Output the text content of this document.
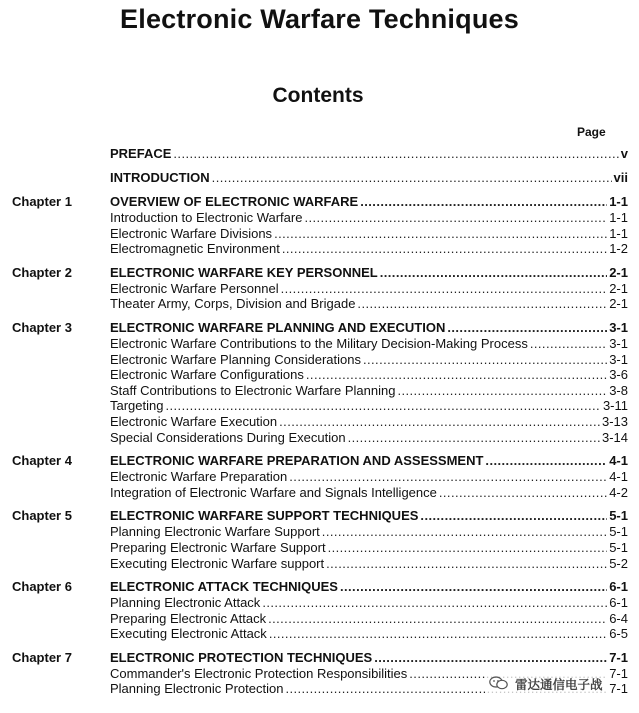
Electronic Warfare Techniques
Contents
Page
PREFACE . . .	v
INTRODUCTION . . .	vii
Chapter 1	OVERVIEW OF ELECTRONIC WARFARE . . .	1-1
Introduction to Electronic Warfare . . .	1-1
Electronic Warfare Divisions . . .	1-1
Electromagnetic Environment . . .	1-2
Chapter 2	ELECTRONIC WARFARE KEY PERSONNEL . . .	2-1
Electronic Warfare Personnel . . .	2-1
Theater Army, Corps, Division and Brigade . . .	2-1
Chapter 3	ELECTRONIC WARFARE PLANNING AND EXECUTION . . .	3-1
Electronic Warfare Contributions to the Military Decision-Making Process . . .	3-1
Electronic Warfare Planning Considerations . . .	3-1
Electronic Warfare Configurations . . .	3-6
Staff Contributions to Electronic Warfare Planning . . .	3-8
Targeting . . .	3-11
Electronic Warfare Execution . . .	3-13
Special Considerations During Execution . . .	3-14
Chapter 4	ELECTRONIC WARFARE PREPARATION AND ASSESSMENT . . .	4-1
Electronic Warfare Preparation . . .	4-1
Integration of Electronic Warfare and Signals Intelligence . . .	4-2
Chapter 5	ELECTRONIC WARFARE SUPPORT TECHNIQUES . . .	5-1
Planning Electronic Warfare Support . . .	5-1
Preparing Electronic Warfare Support . . .	5-1
Executing Electronic Warfare support . . .	5-2
Chapter 6	ELECTRONIC ATTACK TECHNIQUES . . .	6-1
Planning Electronic Attack . . .	6-1
Preparing Electronic Attack . . .	6-4
Executing Electronic Attack . . .	6-5
Chapter 7	ELECTRONIC PROTECTION TECHNIQUES . . .	7-1
Commander's Electronic Protection Responsibilities . . .	7-1
Planning Electronic Protection . . .	7-1
雷达通信电子战
